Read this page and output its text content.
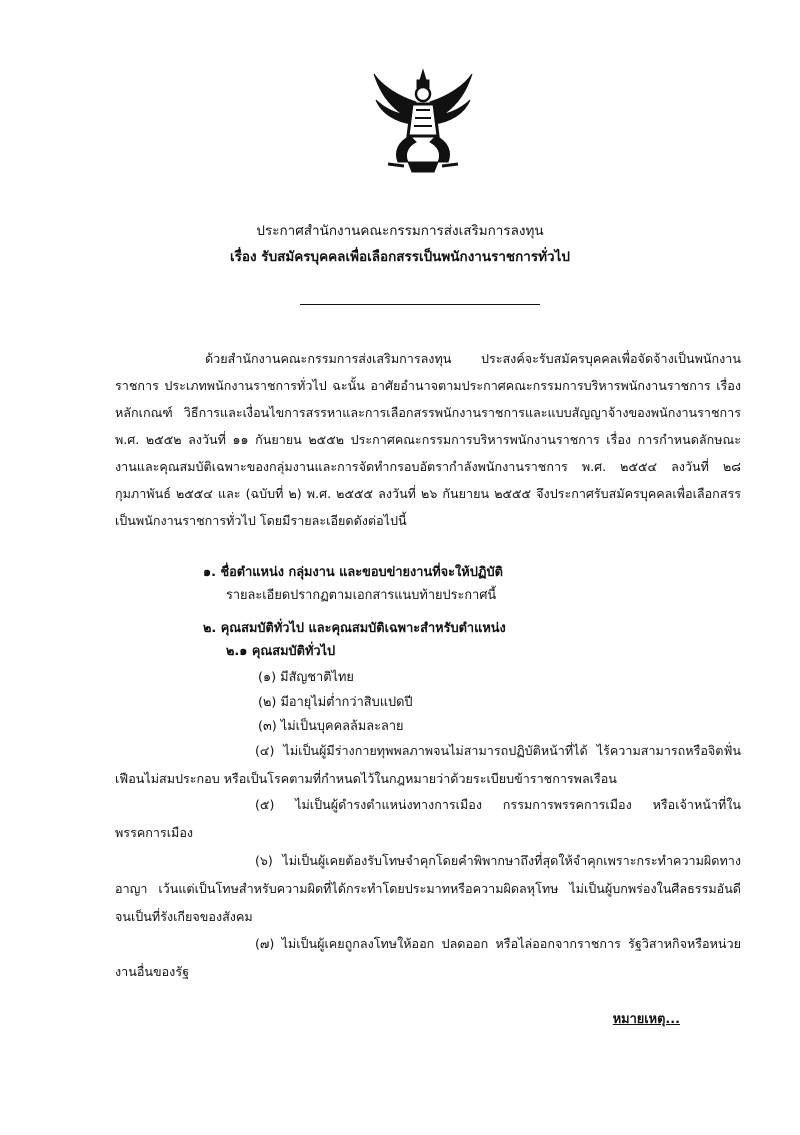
ประกาศสำนักงานคณะกรรมการส่งเสริมการลงทุน
เรื่อง รับสมัครบุคคลเพื่อเลือกสรรเป็นพนักงานราชการทั่วไป
ด้วยสำนักงานคณะกรรมการส่งเสริมการลงทุน ประสงค์จะรับสมัครบุคคลเพื่อจัดจ้างเป็นพนักงานราชการ ประเภทพนักงานราชการทั่วไป ฉะนั้น อาศัยอำนาจตามประกาศคณะกรรมการบริหารพนักงานราชการ เรื่อง หลักเกณฑ์ วิธีการและเงื่อนไขการสรรหาและการเลือกสรรพนักงานราชการและแบบสัญญาจ้างของพนักงานราชการ พ.ศ. ๒๕๕๒ ลงวันที่ ๑๑ กันยายน ๒๕๕๒ ประกาศคณะกรรมการบริหารพนักงานราชการ เรื่อง การกำหนดลักษณะงานและคุณสมบัติเฉพาะของกลุ่มงานและการจัดทำกรอบอัตรากำลังพนักงานราชการ พ.ศ. ๒๕๕๔ ลงวันที่ ๒๘ กุมภาพันธ์ ๒๕๕๔ และ (ฉบับที่ ๒) พ.ศ. ๒๕๕๕ ลงวันที่ ๒๖ กันยายน ๒๕๕๕ จึงประกาศรับสมัครบุคคลเพื่อเลือกสรรเป็นพนักงานราชการทั่วไป โดยมีรายละเอียดดังต่อไปนี้
๑. ชื่อตำแหน่ง กลุ่มงาน และขอบข่ายงานที่จะให้ปฏิบัติ
รายละเอียดปรากฏตามเอกสารแนบท้ายประกาศนี้
๒. คุณสมบัติทั่วไป และคุณสมบัติเฉพาะสำหรับตำแหน่ง
๒.๑ คุณสมบัติทั่วไป
(๑) มีสัญชาติไทย
(๒) มีอายุไม่ต่ำกว่าสิบแปดปี
(๓) ไม่เป็นบุคคลล้มละลาย
(๔) ไม่เป็นผู้มีร่างกายทุพพลภาพจนไม่สามารถปฏิบัติหน้าที่ได้ ไร้ความสามารถหรือจิตฟั่นเฟือนไม่สมประกอบ หรือเป็นโรคตามที่กำหนดไว้ในกฎหมายว่าด้วยระเบียบข้าราชการพลเรือน
(๕) ไม่เป็นผู้ดำรงตำแหน่งทางการเมือง กรรมการพรรคการเมือง หรือเจ้าหน้าที่ในพรรคการเมือง
(๖) ไม่เป็นผู้เคยต้องรับโทษจำคุกโดยคำพิพากษาถึงที่สุดให้จำคุกเพราะกระทำความผิดทางอาญา เว้นแต่เป็นโทษสำหรับความผิดที่ได้กระทำโดยประมาทหรือความผิดลหุโทษ ไม่เป็นผู้บกพร่องในศีลธรรมอันดี จนเป็นที่รังเกียจของสังคม
(๗) ไม่เป็นผู้เคยถูกลงโทษให้ออก ปลดออก หรือไล่ออกจากราชการ รัฐวิสาหกิจหรือหน่วยงานอื่นของรัฐ
หมายเหตุ...
